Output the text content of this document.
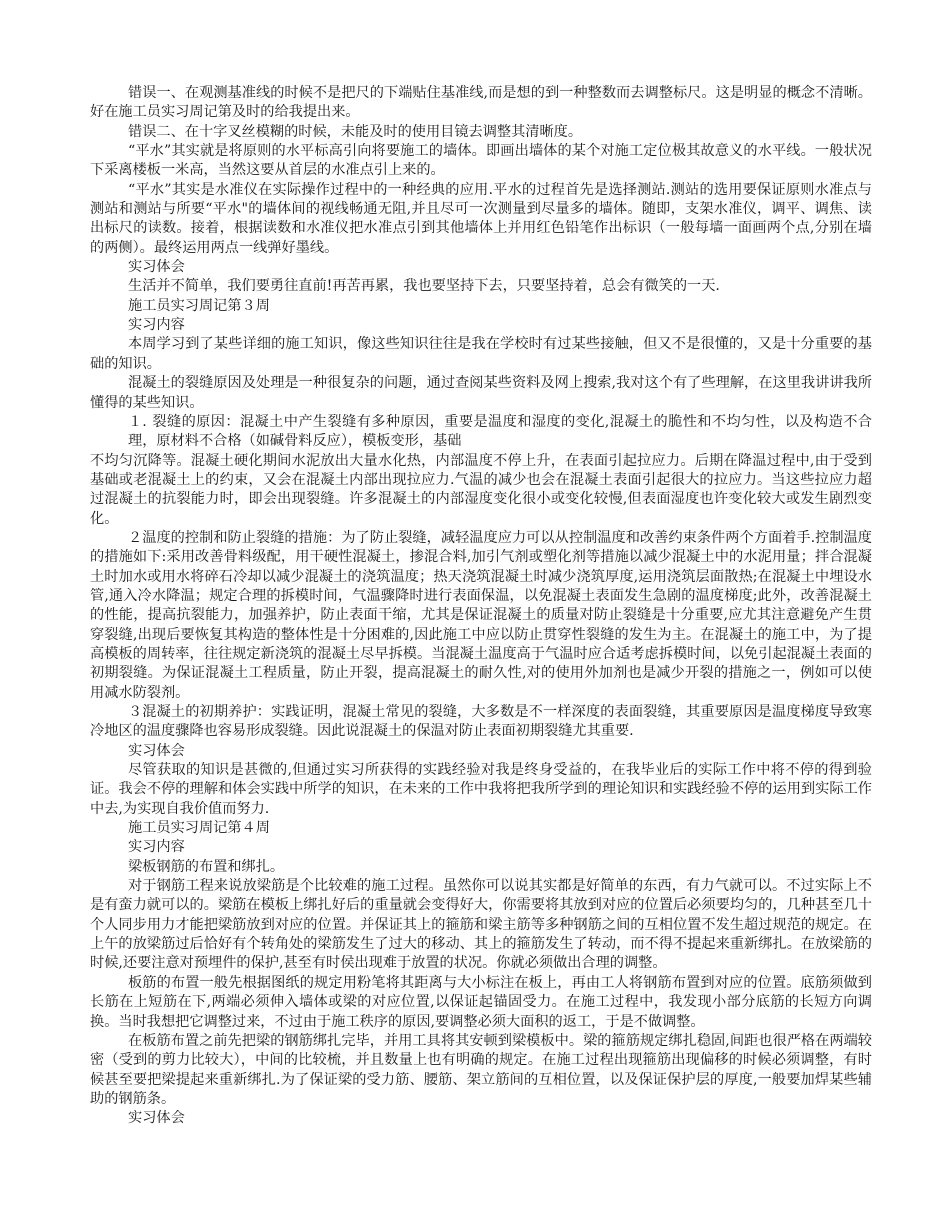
错误一、在观测基准线的时候不是把尺的下端贴住基准线,而是想的到一种整数而去调整标尺。这是明显的概念不清晰。好在施工员实习周记第及时的给我提出来。

错误二、在十字叉丝模糊的时候，未能及时的使用目镜去调整其清晰度。

“平水”其实就是将原则的水平标高引向将要施工的墙体。即画出墙体的某个对施工定位极其故意义的水平线。一般状况下采离楼板一米高，当然这要从首层的水准点引上来的。

“平水”其实是水准仪在实际操作过程中的一种经典的应用.平水的过程首先是选择测站.测站的选用要保证原则水准点与测站和测站与所要“平水"的墙体间的视线畅通无阻,并且尽可一次测量到尽量多的墙体。随即，支架水准仪，调平、调焦、读出标尺的读数。接着，根据读数和水准仪把水准点引到其他墙体上并用红色铅笔作出标识（一般每墙一面画两个点,分别在墙的两侧）。最终运用两点一线弹好墨线。

实习体会

生活并不简单，我们要勇往直前!再苦再累，我也要坚持下去，只要坚持着，总会有微笑的一天.

施工员实习周记第３周

实习内容

本周学习到了某些详细的施工知识，像这些知识往往是我在学校时有过某些接触，但又不是很懂的，又是十分重要的基础的知识。

混凝土的裂缝原因及处理是一种很复杂的问题，通过查阅某些资料及网上搜索,我对这个有了些理解，在这里我讲讲我所懂得的某些知识。

１. 裂缝的原因：混凝土中产生裂缝有多种原因，重要是温度和湿度的变化,混凝土的脆性和不均匀性，以及构造不合理，原材料不合格（如碱骨料反应），模板变形，基础

不均匀沉降等。混凝土硬化期间水泥放出大量水化热，内部温度不停上升，在表面引起拉应力。后期在降温过程中,由于受到基础或老混凝土上的约束，又会在混凝土内部出现拉应力.气温的减少也会在混凝土表面引起很大的拉应力。当这些拉应力超过混凝土的抗裂能力时，即会出现裂缝。许多混凝土的内部湿度变化很小或变化较慢,但表面湿度也许变化较大或发生剧烈变化。

２温度的控制和防止裂缝的措施：为了防止裂缝，减轻温度应力可以从控制温度和改善约束条件两个方面着手.控制温度的措施如下:采用改善骨料级配，用干硬性混凝土，掺混合料,加引气剂或塑化剂等措施以减少混凝土中的水泥用量；拌合混凝土时加水或用水将碎石冷却以减少混凝土的浇筑温度；热天浇筑混凝土时减少浇筑厚度,运用浇筑层面散热;在混凝土中埋设水管,通入冷水降温；规定合理的拆模时间，气温骤降时进行表面保温，以免混凝土表面发生急剧的温度梯度;此外，改善混凝土的性能，提高抗裂能力，加强养护，防止表面干缩，尤其是保证混凝土的质量对防止裂缝是十分重要,应尤其注意避免产生贯穿裂缝,出现后要恢复其构造的整体性是十分困难的,因此施工中应以防止贯穿性裂缝的发生为主。在混凝土的施工中，为了提高模板的周转率，往往规定新浇筑的混凝土尽早拆模。当混凝土温度高于气温时应合适考虑拆模时间，以免引起混凝土表面的初期裂缝。为保证混凝土工程质量，防止开裂，提高混凝土的耐久性,对的使用外加剂也是减少开裂的措施之一，例如可以使用减水防裂剂。

３混凝土的初期养护：实践证明，混凝土常见的裂缝，大多数是不一样深度的表面裂缝，其重要原因是温度梯度导致寒冷地区的温度骤降也容易形成裂缝。因此说混凝土的保温对防止表面初期裂缝尤其重要.

实习体会

尽管获取的知识是甚微的,但通过实习所获得的实践经验对我是终身受益的，在我毕业后的实际工作中将不停的得到验证。我会不停的理解和体会实践中所学的知识，在未来的工作中我将把我所学到的理论知识和实践经验不停的运用到实际工作中去,为实现自我价值而努力.

施工员实习周记第４周

实习内容

梁板钢筋的布置和绑扎。

对于钢筋工程来说放梁筋是个比较难的施工过程。虽然你可以说其实都是好简单的东西，有力气就可以。不过实际上不是有蛮力就可以的。梁筋在模板上绑扎好后的重量就会变得好大，你需要将其放到对应的位置后必须要均匀的，几种甚至几十个人同步用力才能把梁筋放到对应的位置。并保证其上的箍筋和梁主筋等多种钢筋之间的互相位置不发生超过规范的规定。在上午的放梁筋过后恰好有个转角处的梁筋发生了过大的移动、其上的箍筋发生了转动，而不得不提起来重新绑扎。在放梁筋的时候,还要注意对预埋件的保护,甚至有时侯出现难于放置的状况。你就必须做出合理的调整。

板筋的布置一般先根据图纸的规定用粉笔将其距离与大小标注在板上，再由工人将钢筋布置到对应的位置。底筋须做到长筋在上短筋在下,两端必须伸入墙体或梁的对应位置,以保证起锚固受力。在施工过程中，我发现小部分底筋的长短方向调换。当时我想把它调整过来，不过由于施工秩序的原因,要调整必须大面积的返工，于是不做调整。

在板筋布置之前先把梁的钢筋绑扎完毕，并用工具将其安顿到梁模板中。梁的箍筋规定绑扎稳固,间距也很严格在两端较密（受到的剪力比较大），中间的比较梳，并且数量上也有明确的规定。在施工过程出现箍筋出现偏移的时候必须调整，有时候甚至要把梁提起来重新绑扎.为了保证梁的受力筋、腰筋、架立筋间的互相位置，以及保证保护层的厚度,一般要加焊某些辅助的钢筋条。

实习体会
